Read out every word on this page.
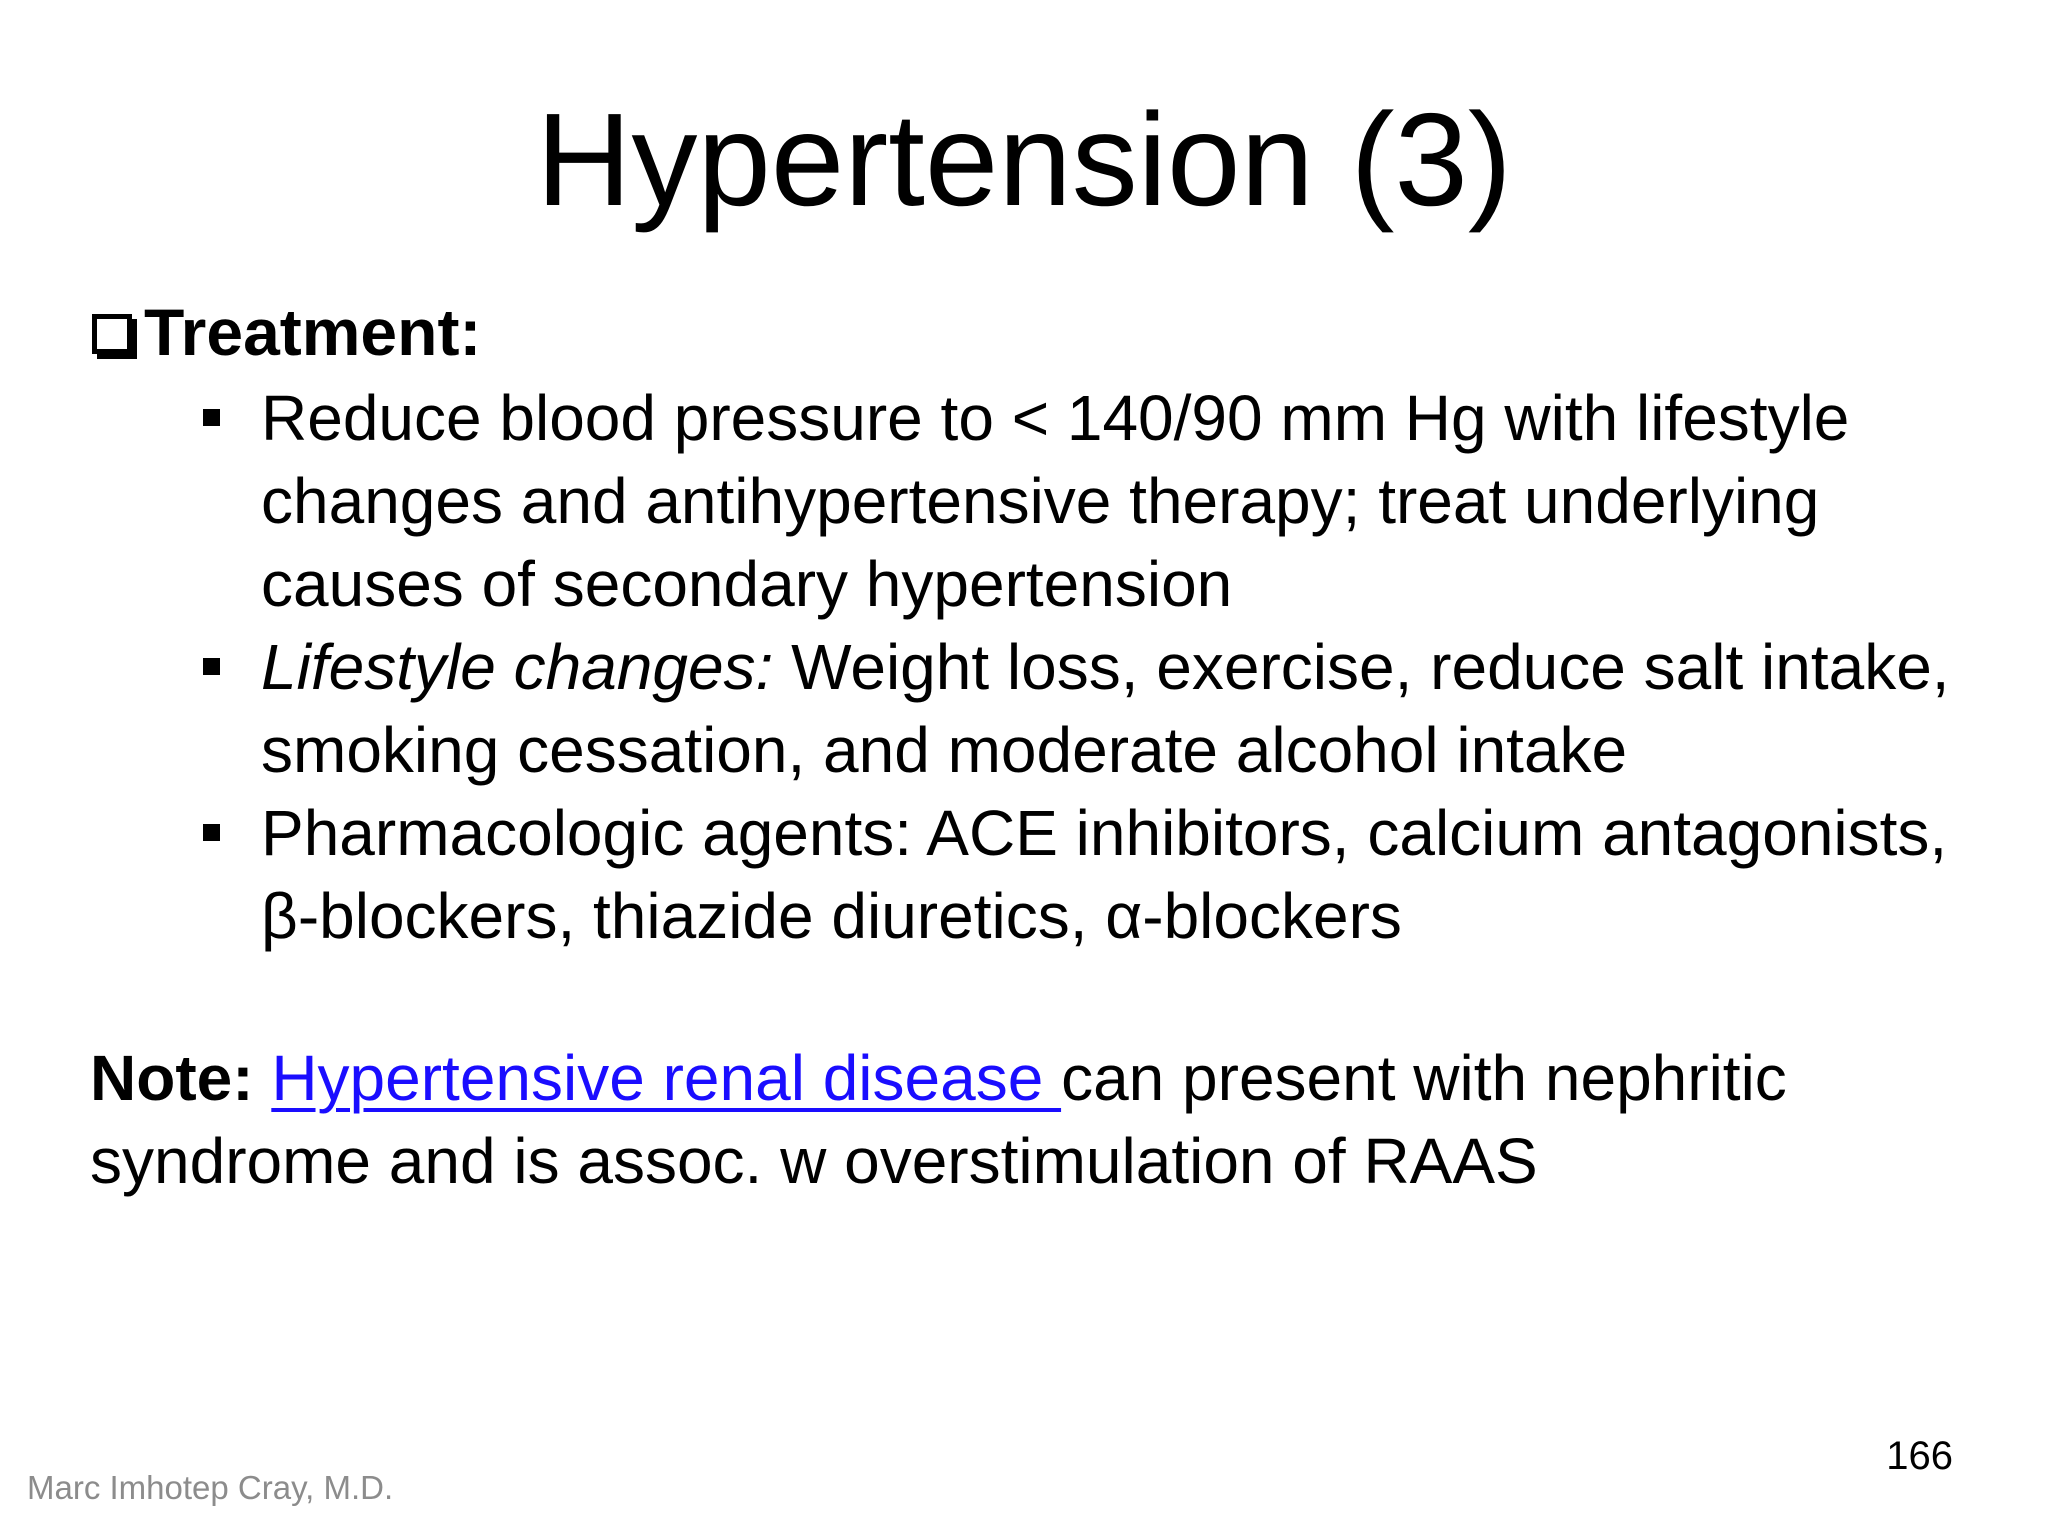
Hypertension (3)
Treatment:
Reduce blood pressure to < 140/90 mm Hg with lifestyle changes and antihypertensive therapy; treat underlying causes of secondary hypertension
Lifestyle changes: Weight loss, exercise, reduce salt intake, smoking cessation, and moderate alcohol intake
Pharmacologic agents: ACE inhibitors, calcium antagonists, β-blockers, thiazide diuretics, α-blockers

Note: Hypertensive renal disease can present with nephritic syndrome and is assoc. w overstimulation of RAAS

166
Marc Imhotep Cray, M.D.
